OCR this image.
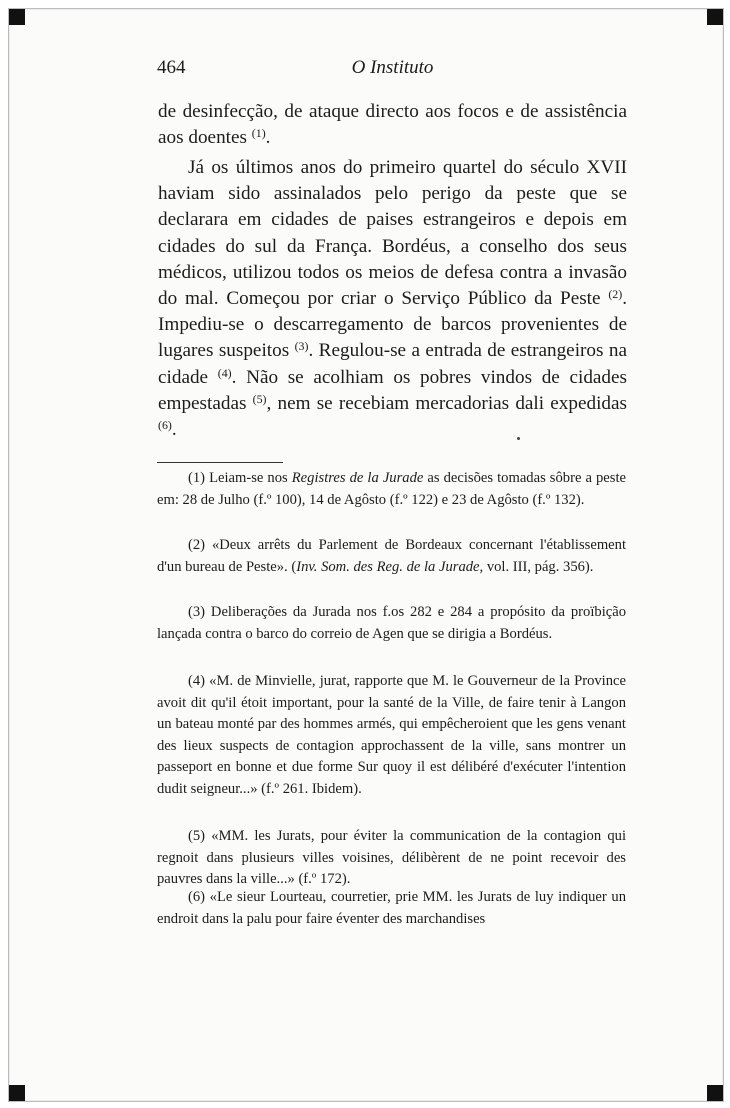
464	O Instituto

de desinfecção, de ataque directo aos focos e de assistência aos doentes $^{(1)}$.

Já os últimos anos do primeiro quartel do século XVII haviam sido assinalados pelo perigo da peste que se declarara em cidades de paises estrangeiros e depois em cidades do sul da França. Bordéus, a conselho dos seus médicos, utilizou todos os meios de defesa contra a invasão do mal. Começou por criar o Serviço Público da Peste $^{(2)}$. Impediu-se o descarregamento de barcos provenientes de lugares suspeitos $^{(3)}$. Regulou-se a entrada de estrangeiros na cidade $^{(4)}$. Não se acolhiam os pobres vindos de cidades empestadas $^{(5)}$, nem se recebiam mercadorias dali expedidas $^{(6)}$.

(1) Leiam-se nos Registres de la Jurade as decisões tomadas sôbre a peste em: 28 de Julho (f.º 100), 14 de Agôsto (f.º 122) e 23 de Agôsto (f.º 132).

(2) «Deux arrêts du Parlement de Bordeaux concernant l'établissement d'un bureau de Peste». (Inv. Som. des Reg. de la Jurade, vol. III, pág. 356).

(3) Deliberações da Jurada nos f.os 282 e 284 a propósito da proïbição lançada contra o barco do correio de Agen que se dirigia a Bordéus.

(4) «M. de Minvielle, jurat, rapporte que M. le Gouverneur de la Province avoit dit qu'il étoit important, pour la santé de la Ville, de faire tenir à Langon un bateau monté par des hommes armés, qui empêcheroient que les gens venant des lieux suspects de contagion approchassent de la ville, sans montrer un passeport en bonne et due forme Sur quoy il est délibéré d'exécuter l'intention dudit seigneur...» (f.º 261. Ibidem).

(5) «MM. les Jurats, pour éviter la communication de la contagion qui regnoit dans plusieurs villes voisines, délibèrent de ne point recevoir des pauvres dans la ville...» (f.º 172).

(6) «Le sieur Lourteau, courretier, prie MM. les Jurats de luy indiquer un endroit dans la palu pour faire éventer des marchandises
